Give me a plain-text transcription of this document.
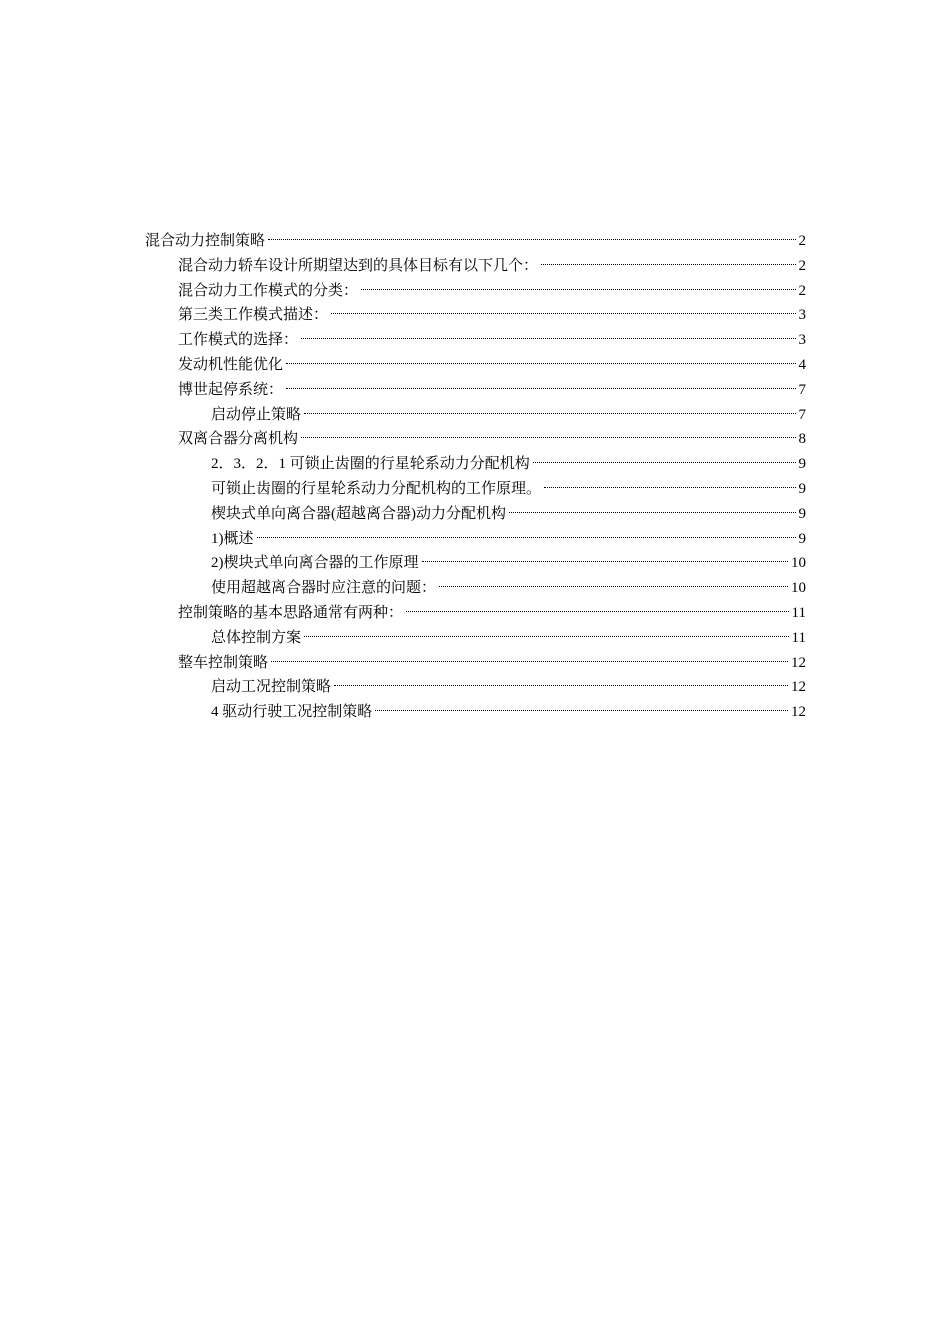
混合动力控制策略	2
混合动力轿车设计所期望达到的具体目标有以下几个：	2
混合动力工作模式的分类：	2
第三类工作模式描述：	3
工作模式的选择：	3
发动机性能优化	4
博世起停系统：	7
启动停止策略	7
双离合器分离机构	8
2．3．2．1 可锁止齿圈的行星轮系动力分配机构	9
可锁止齿圈的行星轮系动力分配机构的工作原理。	9
楔块式单向离合器(超越离合器)动力分配机构	9
1)概述	9
2)楔块式单向离合器的工作原理	10
使用超越离合器时应注意的问题：	10
控制策略的基本思路通常有两种：	11
总体控制方案	11
整车控制策略	12
启动工况控制策略	12
4 驱动行驶工况控制策略	12
